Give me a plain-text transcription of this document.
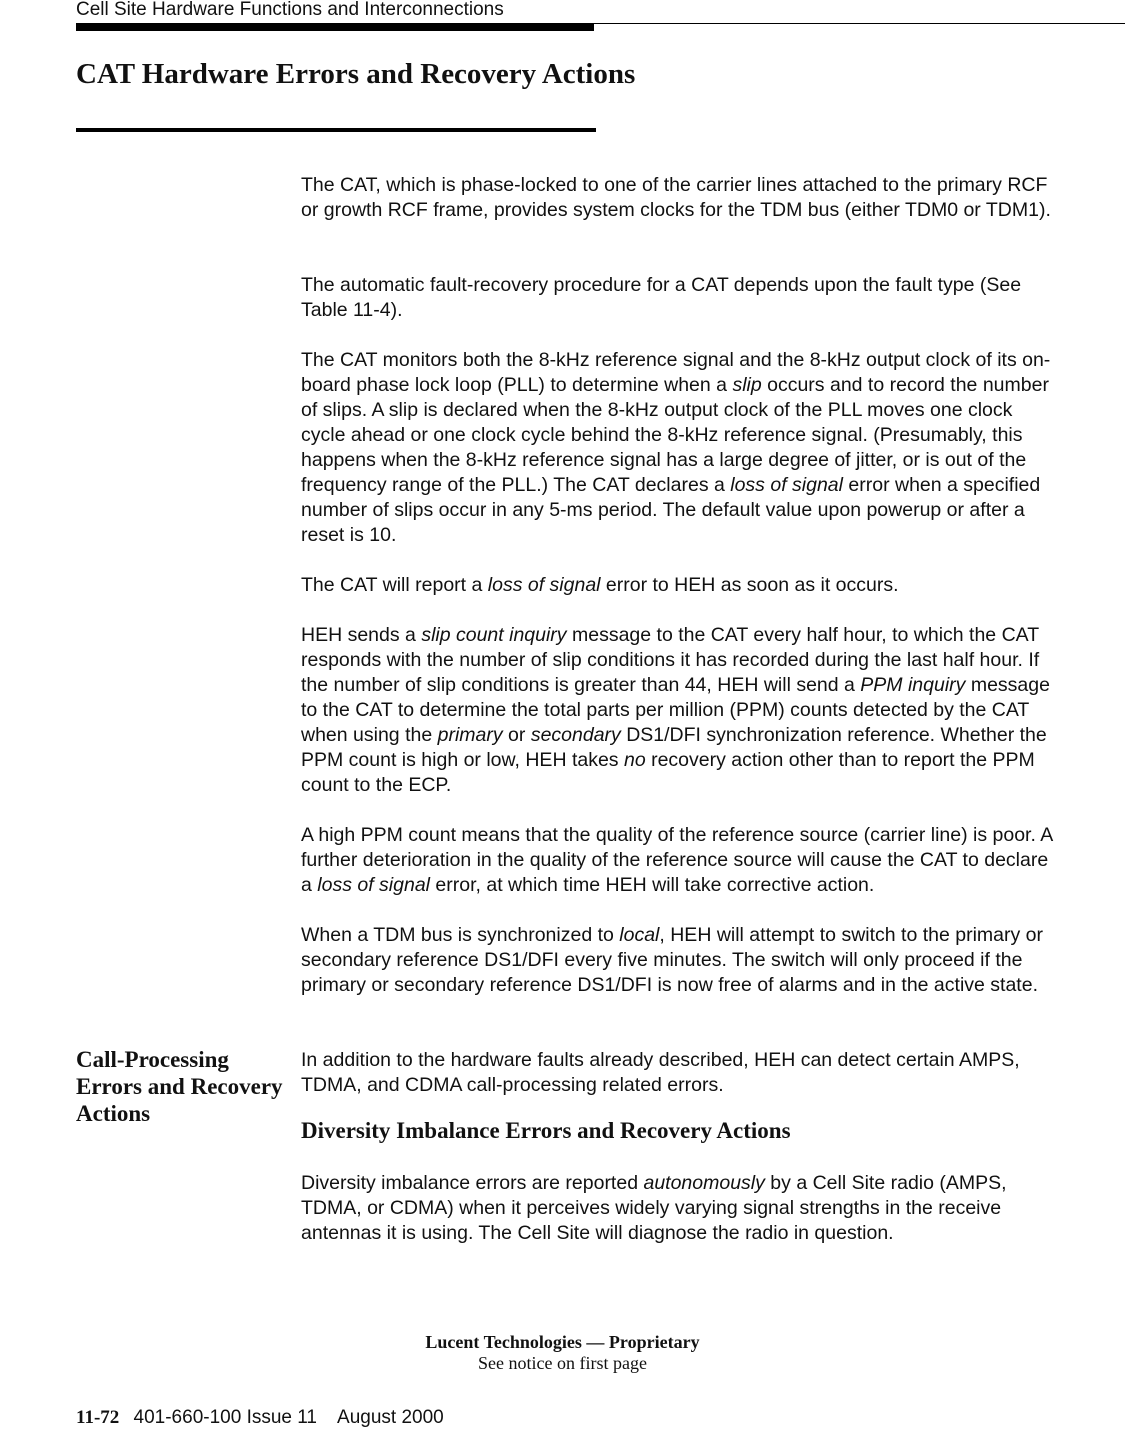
Cell Site Hardware Functions and Interconnections
CAT Hardware Errors and Recovery Actions

The CAT, which is phase-locked to one of the carrier lines attached to the primary RCF or growth RCF frame, provides system clocks for the TDM bus (either TDM0 or TDM1).

The automatic fault-recovery procedure for a CAT depends upon the fault type (See Table 11-4).

The CAT monitors both the 8-kHz reference signal and the 8-kHz output clock of its on-board phase lock loop (PLL) to determine when a slip occurs and to record the number of slips. A slip is declared when the 8-kHz output clock of the PLL moves one clock cycle ahead or one clock cycle behind the 8-kHz reference signal. (Presumably, this happens when the 8-kHz reference signal has a large degree of jitter, or is out of the frequency range of the PLL.) The CAT declares a loss of signal error when a specified number of slips occur in any 5-ms period. The default value upon powerup or after a reset is 10.

The CAT will report a loss of signal error to HEH as soon as it occurs.

HEH sends a slip count inquiry message to the CAT every half hour, to which the CAT responds with the number of slip conditions it has recorded during the last half hour. If the number of slip conditions is greater than 44, HEH will send a PPM inquiry message to the CAT to determine the total parts per million (PPM) counts detected by the CAT when using the primary or secondary DS1/DFI synchronization reference. Whether the PPM count is high or low, HEH takes no recovery action other than to report the PPM count to the ECP.

A high PPM count means that the quality of the reference source (carrier line) is poor. A further deterioration in the quality of the reference source will cause the CAT to declare a loss of signal error, at which time HEH will take corrective action.

When a TDM bus is synchronized to local, HEH will attempt to switch to the primary or secondary reference DS1/DFI every five minutes. The switch will only proceed if the primary or secondary reference DS1/DFI is now free of alarms and in the active state.

Call-Processing Errors and Recovery Actions

In addition to the hardware faults already described, HEH can detect certain AMPS, TDMA, and CDMA call-processing related errors.

Diversity Imbalance Errors and Recovery Actions

Diversity imbalance errors are reported autonomously by a Cell Site radio (AMPS, TDMA, or CDMA) when it perceives widely varying signal strengths in the receive antennas it is using. The Cell Site will diagnose the radio in question.

Lucent Technologies — Proprietary
See notice on first page
11-72 401-660-100 Issue 11    August 2000
